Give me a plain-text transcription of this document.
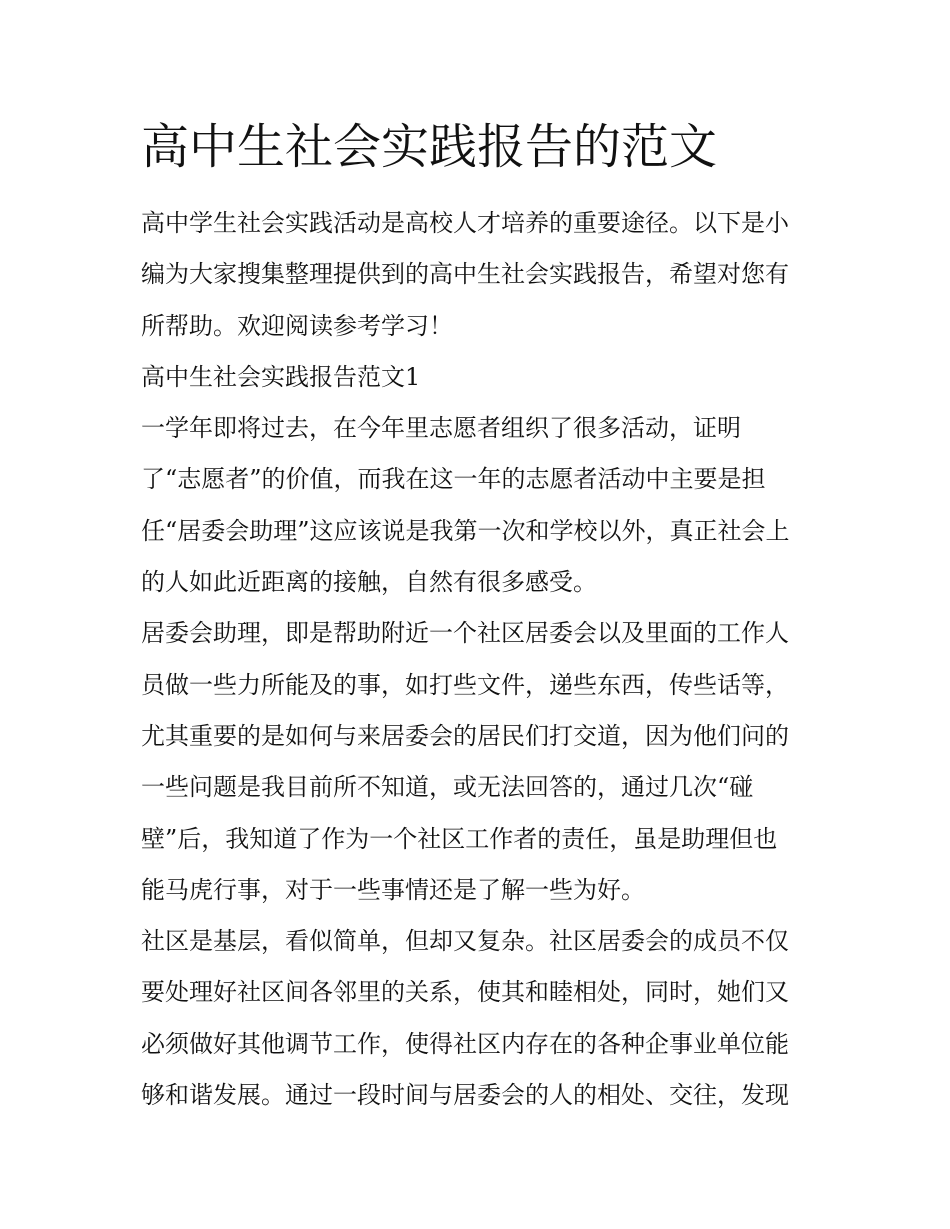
高中生社会实践报告的范文
高中学生社会实践活动是高校人才培养的重要途径。以下是小
编为大家搜集整理提供到的高中生社会实践报告，希望对您有
所帮助。欢迎阅读参考学习！
高中生社会实践报告范文1
一学年即将过去，在今年里志愿者组织了很多活动，证明
了“志愿者”的价值，而我在这一年的志愿者活动中主要是担
任“居委会助理”这应该说是我第一次和学校以外，真正社会上
的人如此近距离的接触，自然有很多感受。
居委会助理，即是帮助附近一个社区居委会以及里面的工作人
员做一些力所能及的事，如打些文件，递些东西，传些话等，
尤其重要的是如何与来居委会的居民们打交道，因为他们问的
一些问题是我目前所不知道，或无法回答的，通过几次“碰
壁”后，我知道了作为一个社区工作者的责任，虽是助理但也
能马虎行事，对于一些事情还是了解一些为好。
社区是基层，看似简单，但却又复杂。社区居委会的成员不仅
要处理好社区间各邻里的关系，使其和睦相处，同时，她们又
必须做好其他调节工作，使得社区内存在的各种企事业单位能
够和谐发展。通过一段时间与居委会的人的相处、交往，发现
